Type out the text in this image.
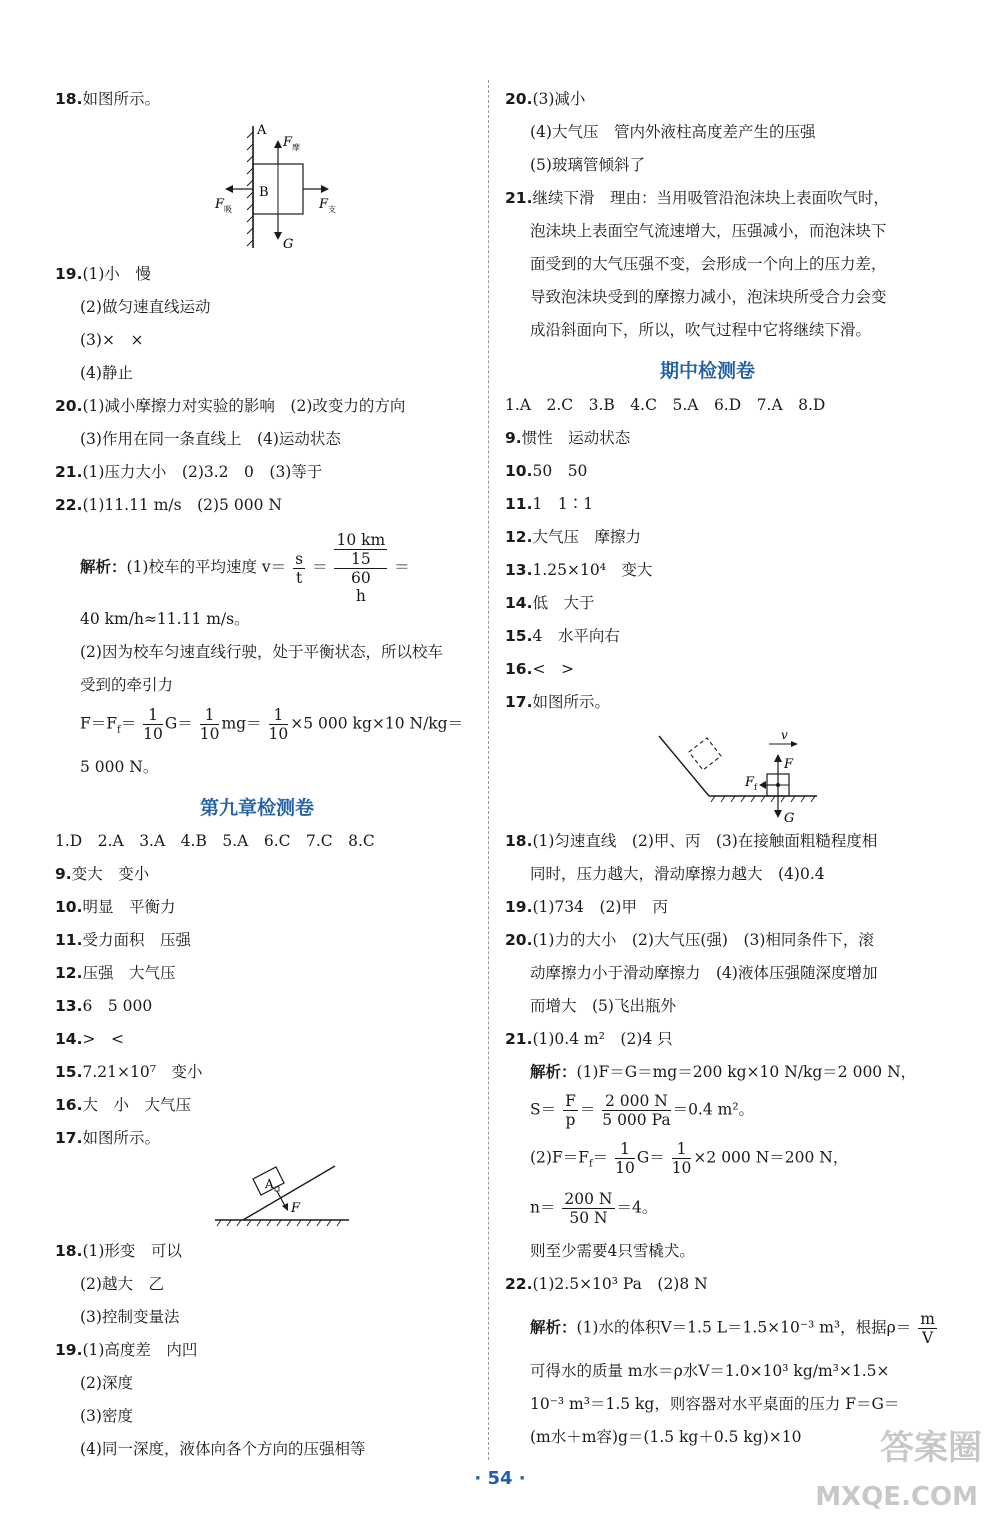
18.如图所示。
A
F 摩
B
F 吸	F 支
G
19.(1)小　慢
(2)做匀速直线运动
(3)×　×
(4)静止
20.(1)减小摩擦力对实验的影响　(2)改变力的方向
(3)作用在同一条直线上　(4)运动状态
21.(1)压力大小　(2)3.2　0　(3)等于
22.(1)11.11 m/s　(2)5 000 N
解析：(1)校车的平均速度 $v= \frac{s}{t} = 10$ km
15
60
h ＝
40 km/h≈11.11 m/s。
(2)因为校车匀速直线行驶，处于平衡状态，所以校车
受到的牵引力
$F=F_f= \frac{1}{10} G= \frac{1}{10} mg= \frac{1}{10} \times 5$ 000 kg×10 N/kg＝
5 000 N。
第九章检测卷
1.D　2.A　3.A　4.B　5.A　6.C　7.C　8.C
9.变大　变小
10.明显　平衡力
11.受力面积　压强
12.压强　大气压
13.6　5 000
14.>　<
15.7.21×10⁷　变小
16.大　小　大气压
17.如图所示。
A
F
18.(1)形变　可以
(2)越大　乙
(3)控制变量法
19.(1)高度差　内凹
(2)深度
(3)密度
(4)同一深度，液体向各个方向的压强相等
20.(3)减小
(4)大气压　管内外液柱高度差产生的压强
(5)玻璃管倾斜了
21.继续下滑　理由：当用吸管沿泡沫块上表面吹气时，
泡沫块上表面空气流速增大，压强减小，而泡沫块下
面受到的大气压强不变，会形成一个向上的压力差，
导致泡沫块受到的摩擦力减小，泡沫块所受合力会变
成沿斜面向下，所以，吹气过程中它将继续下滑。
期中检测卷
1.A　2.C　3.B　4.C　5.A　6.D　7.A　8.D
9.惯性　运动状态
10.50　50
11.1　1∶1
12.大气压　摩擦力
13.1.25×10⁴　变大
14.低　大于
15.4　水平向右
16.<　>
17.如图所示。
v
F
F f
G
18.(1)匀速直线　(2)甲、丙　(3)在接触面粗糙程度相
同时，压力越大，滑动摩擦力越大　(4)0.4
19.(1)734　(2)甲　丙
20.(1)力的大小　(2)大气压(强)　(3)相同条件下，滚
动摩擦力小于滑动摩擦力　(4)液体压强随深度增加
而增大　(5)飞出瓶外
21.(1)0.4 m²　(2)4 只
解析：(1)F＝G＝mg＝200 kg×10 N/kg＝2 000 N，
$S= \frac{F}{p} = \frac{2 000 N}{5 000 Pa} =0.4$ m²。
$(2)F=F_f= \frac{1}{10} G= \frac{1}{10} \times 2$ 000 N＝200 N，
$n= \frac{200 N}{50 N} =4$。
则至少需要4只雪橇犬。
22.(1)2.5×10³ Pa　(2)8 N
解析：(1)水的体积V＝1.5 L＝1.5×10⁻³ m³，根据$\rho= \frac{m}{V}$
可得水的质量 m水＝ρ水V＝1.0×10³ kg/m³×1.5×
10⁻³ m³＝1.5 kg，则容器对水平桌面的压力 F＝G＝
(m水＋m容)g＝(1.5 kg＋0.5 kg)×10
· 54 ·
答案圈
MXQE.COM
